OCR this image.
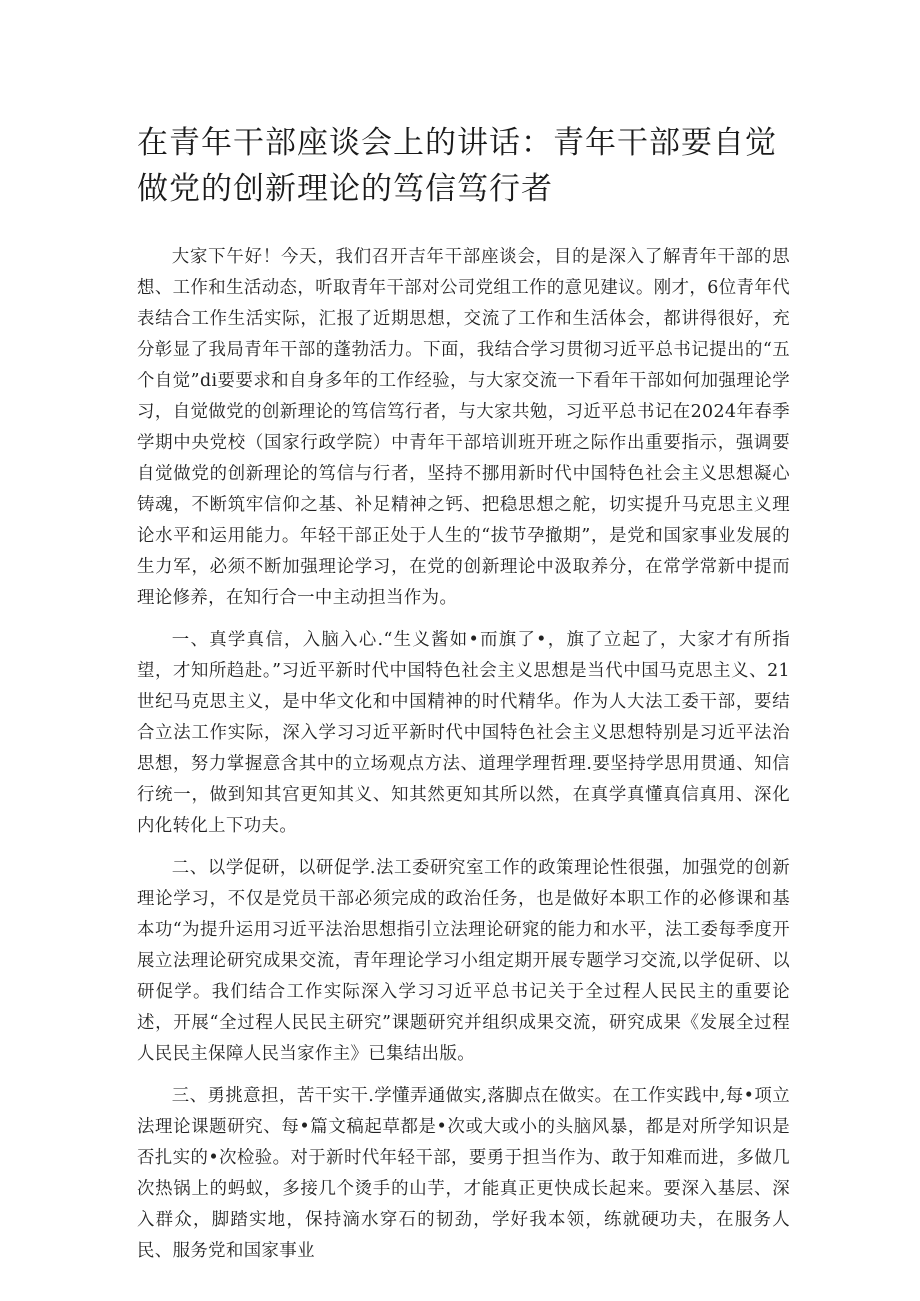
在青年干部座谈会上的讲话：青年干部要自觉做党的创新理论的笃信笃行者

大家下午好！今天，我们召开吉年干部座谈会，目的是深入了解青年干部的思想、工作和生活动态，听取青年干部对公司党组工作的意见建议。刚才，6位青年代表结合工作生活实际，汇报了近期思想，交流了工作和生活体会，都讲得很好，充分彰显了我局青年干部的蓬勃活力。下面，我结合学习贯彻习近平总书记提出的“五个自觉”di要要求和自身多年的工作经验，与大家交流一下看年干部如何加强理论学习，自觉做党的创新理论的笃信笃行者，与大家共勉，习近平总书记在2024年春季学期中央党校（国家行政学院）中青年干部培训班开班之际作出重要指示，强调要自觉做党的创新理论的笃信与行者，坚持不挪用新时代中国特色社会主义思想凝心铸魂，不断筑牢信仰之基、补足精神之钙、把稳思想之舵，切实提升马克思主义理论水平和运用能力。年轻干部正处于人生的“拔节孕撤期”，是党和国家事业发展的生力军，必须不断加强理论学习，在党的创新理论中汲取养分，在常学常新中提而理论修养，在知行合一中主动担当作为。

一、真学真信，入脑入心.“生义酱如•而旗了•，旗了立起了，大家才有所指望，才知所趋赴。”习近平新时代中国特色社会主义思想是当代中国马克思主义、21世纪马克思主义，是中华文化和中国精神的时代精华。作为人大法工委干部，要结合立法工作实际，深入学习习近平新时代中国特色社会主义思想特别是习近平法治思想，努力掌握意含其中的立场观点方法、道理学理哲理.要坚持学思用贯通、知信行统一，做到知其宫更知其义、知其然更知其所以然，在真学真懂真信真用、深化内化转化上下功夫。

二、以学促研，以研促学.法工委研究室工作的政策理论性很强，加强党的创新理论学习，不仅是党员干部必须完成的政治任务，也是做好本职工作的必修课和基本功“为提升运用习近平法治思想指引立法理论研窕的能力和水平，法工委每季度开展立法理论研究成果交流，青年理论学习小组定期开展专题学习交流,以学促研、以研促学。我们结合工作实际深入学习习近平总书记关于全过程人民民主的重要论述，开展“全过程人民民主研究”课题研究并组织成果交流，研究成果《发展全过程人民民主保障人民当家作主》已集结出版。

三、勇挑意担，苦干实干.学懂弄通做实,落脚点在做实。在工作实践中,每•项立法理论课题研究、每•篇文稿起草都是•次或大或小的头脑风暴，都是对所学知识是否扎实的•次检验。对于新时代年轻干部，要勇于担当作为、敢于知难而进，多做几次热锅上的蚂蚁，多接几个烫手的山芋，才能真正更快成长起来。要深入基层、深入群众，脚踏实地，保持滴水穿石的韧劲，学好我本领，练就硬功夫，在服务人民、服务党和国家事业
